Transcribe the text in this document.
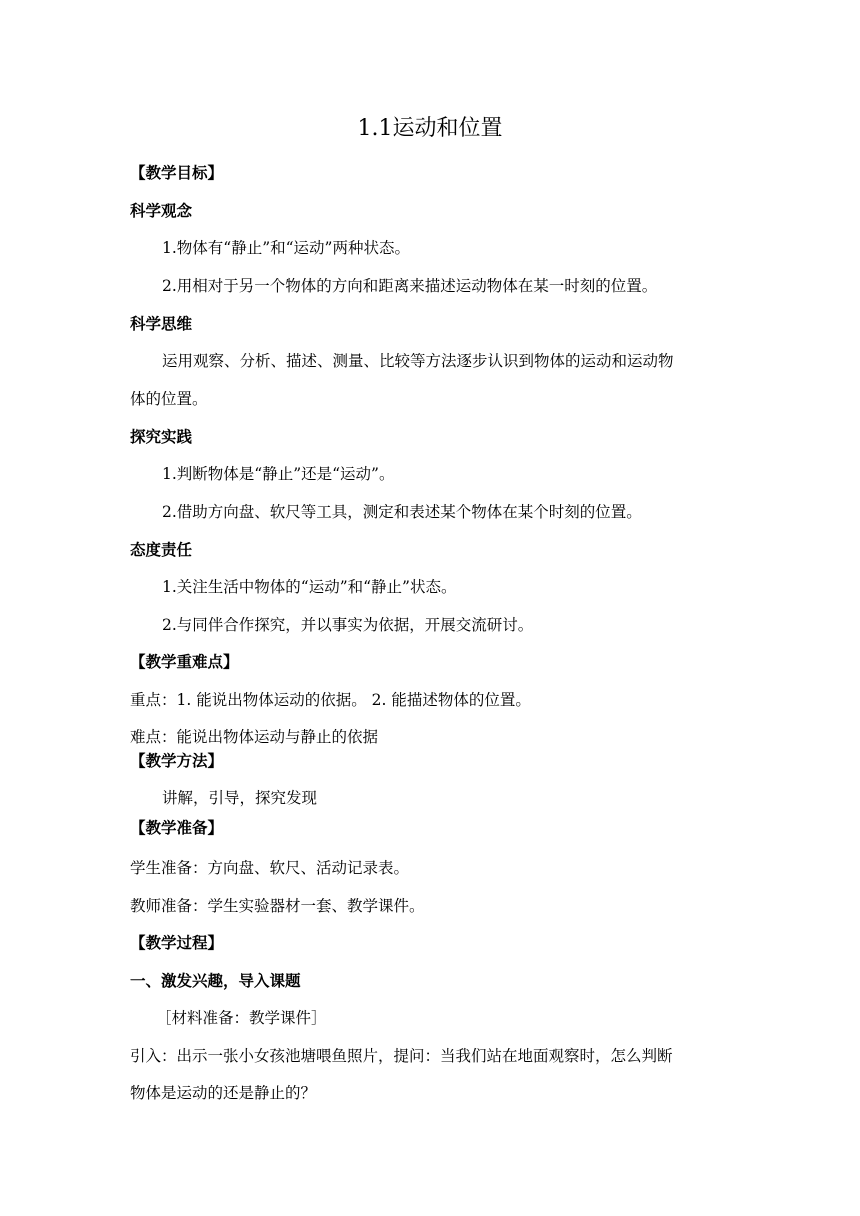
1.1运动和位置
【教学目标】
科学观念
1.物体有“静止”和“运动”两种状态。
2.用相对于另一个物体的方向和距离来描述运动物体在某一时刻的位置。
科学思维
运用观察、分析、描述、测量、比较等方法逐步认识到物体的运动和运动物
体的位置。
探究实践
1.判断物体是“静止”还是“运动”。
2.借助方向盘、软尺等工具，测定和表述某个物体在某个时刻的位置。
态度责任
1.关注生活中物体的“运动”和“静止”状态。
2.与同伴合作探究，并以事实为依据，开展交流研讨。
【教学重难点】
重点：1. 能说出物体运动的依据。 2. 能描述物体的位置。
难点：能说出物体运动与静止的依据
【教学方法】
讲解，引导，探究发现
【教学准备】
学生准备：方向盘、软尺、活动记录表。
教师准备：学生实验器材一套、教学课件。
【教学过程】
一、激发兴趣，导入课题
［材料准备：教学课件］
引入：出示一张小女孩池塘喂鱼照片，提问：当我们站在地面观察时，怎么判断
物体是运动的还是静止的？
